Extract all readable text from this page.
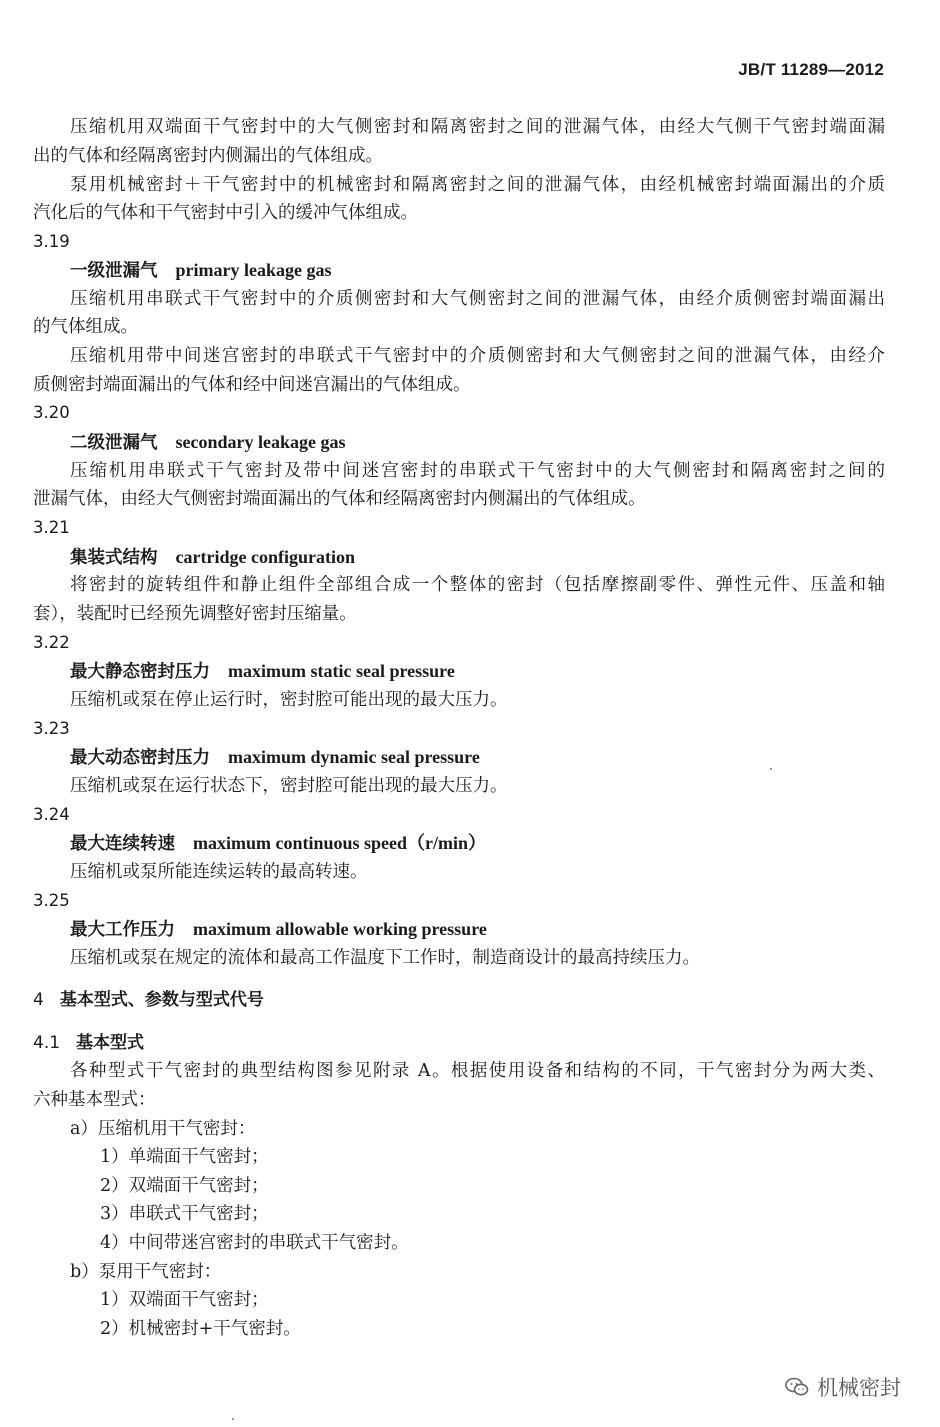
JB/T 11289—2012
压缩机用双端面干气密封中的大气侧密封和隔离密封之间的泄漏气体，由经大气侧干气密封端面漏
出的气体和经隔离密封内侧漏出的气体组成。
泵用机械密封＋干气密封中的机械密封和隔离密封之间的泄漏气体，由经机械密封端面漏出的介质
汽化后的气体和干气密封中引入的缓冲气体组成。
3.19
一级泄漏气 primary leakage gas
压缩机用串联式干气密封中的介质侧密封和大气侧密封之间的泄漏气体，由经介质侧密封端面漏出
的气体组成。
压缩机用带中间迷宫密封的串联式干气密封中的介质侧密封和大气侧密封之间的泄漏气体，由经介
质侧密封端面漏出的气体和经中间迷宫漏出的气体组成。
3.20
二级泄漏气 secondary leakage gas
压缩机用串联式干气密封及带中间迷宫密封的串联式干气密封中的大气侧密封和隔离密封之间的
泄漏气体，由经大气侧密封端面漏出的气体和经隔离密封内侧漏出的气体组成。
3.21
集装式结构 cartridge configuration
将密封的旋转组件和静止组件全部组合成一个整体的密封（包括摩擦副零件、弹性元件、压盖和轴
套），装配时已经预先调整好密封压缩量。
3.22
最大静态密封压力 maximum static seal pressure
压缩机或泵在停止运行时，密封腔可能出现的最大压力。
3.23
最大动态密封压力 maximum dynamic seal pressure
压缩机或泵在运行状态下，密封腔可能出现的最大压力。
3.24
最大连续转速 maximum continuous speed（r/min）
压缩机或泵所能连续运转的最高转速。
3.25
最大工作压力 maximum allowable working pressure
压缩机或泵在规定的流体和最高工作温度下工作时，制造商设计的最高持续压力。
4 基本型式、参数与型式代号
4.1 基本型式
各种型式干气密封的典型结构图参见附录 A。根据使用设备和结构的不同，干气密封分为两大类、
六种基本型式：
a）压缩机用干气密封：
1）单端面干气密封；
2）双端面干气密封；
3）串联式干气密封；
4）中间带迷宫密封的串联式干气密封。
b）泵用干气密封：
1）双端面干气密封；
2）机械密封+干气密封。
机械密封
